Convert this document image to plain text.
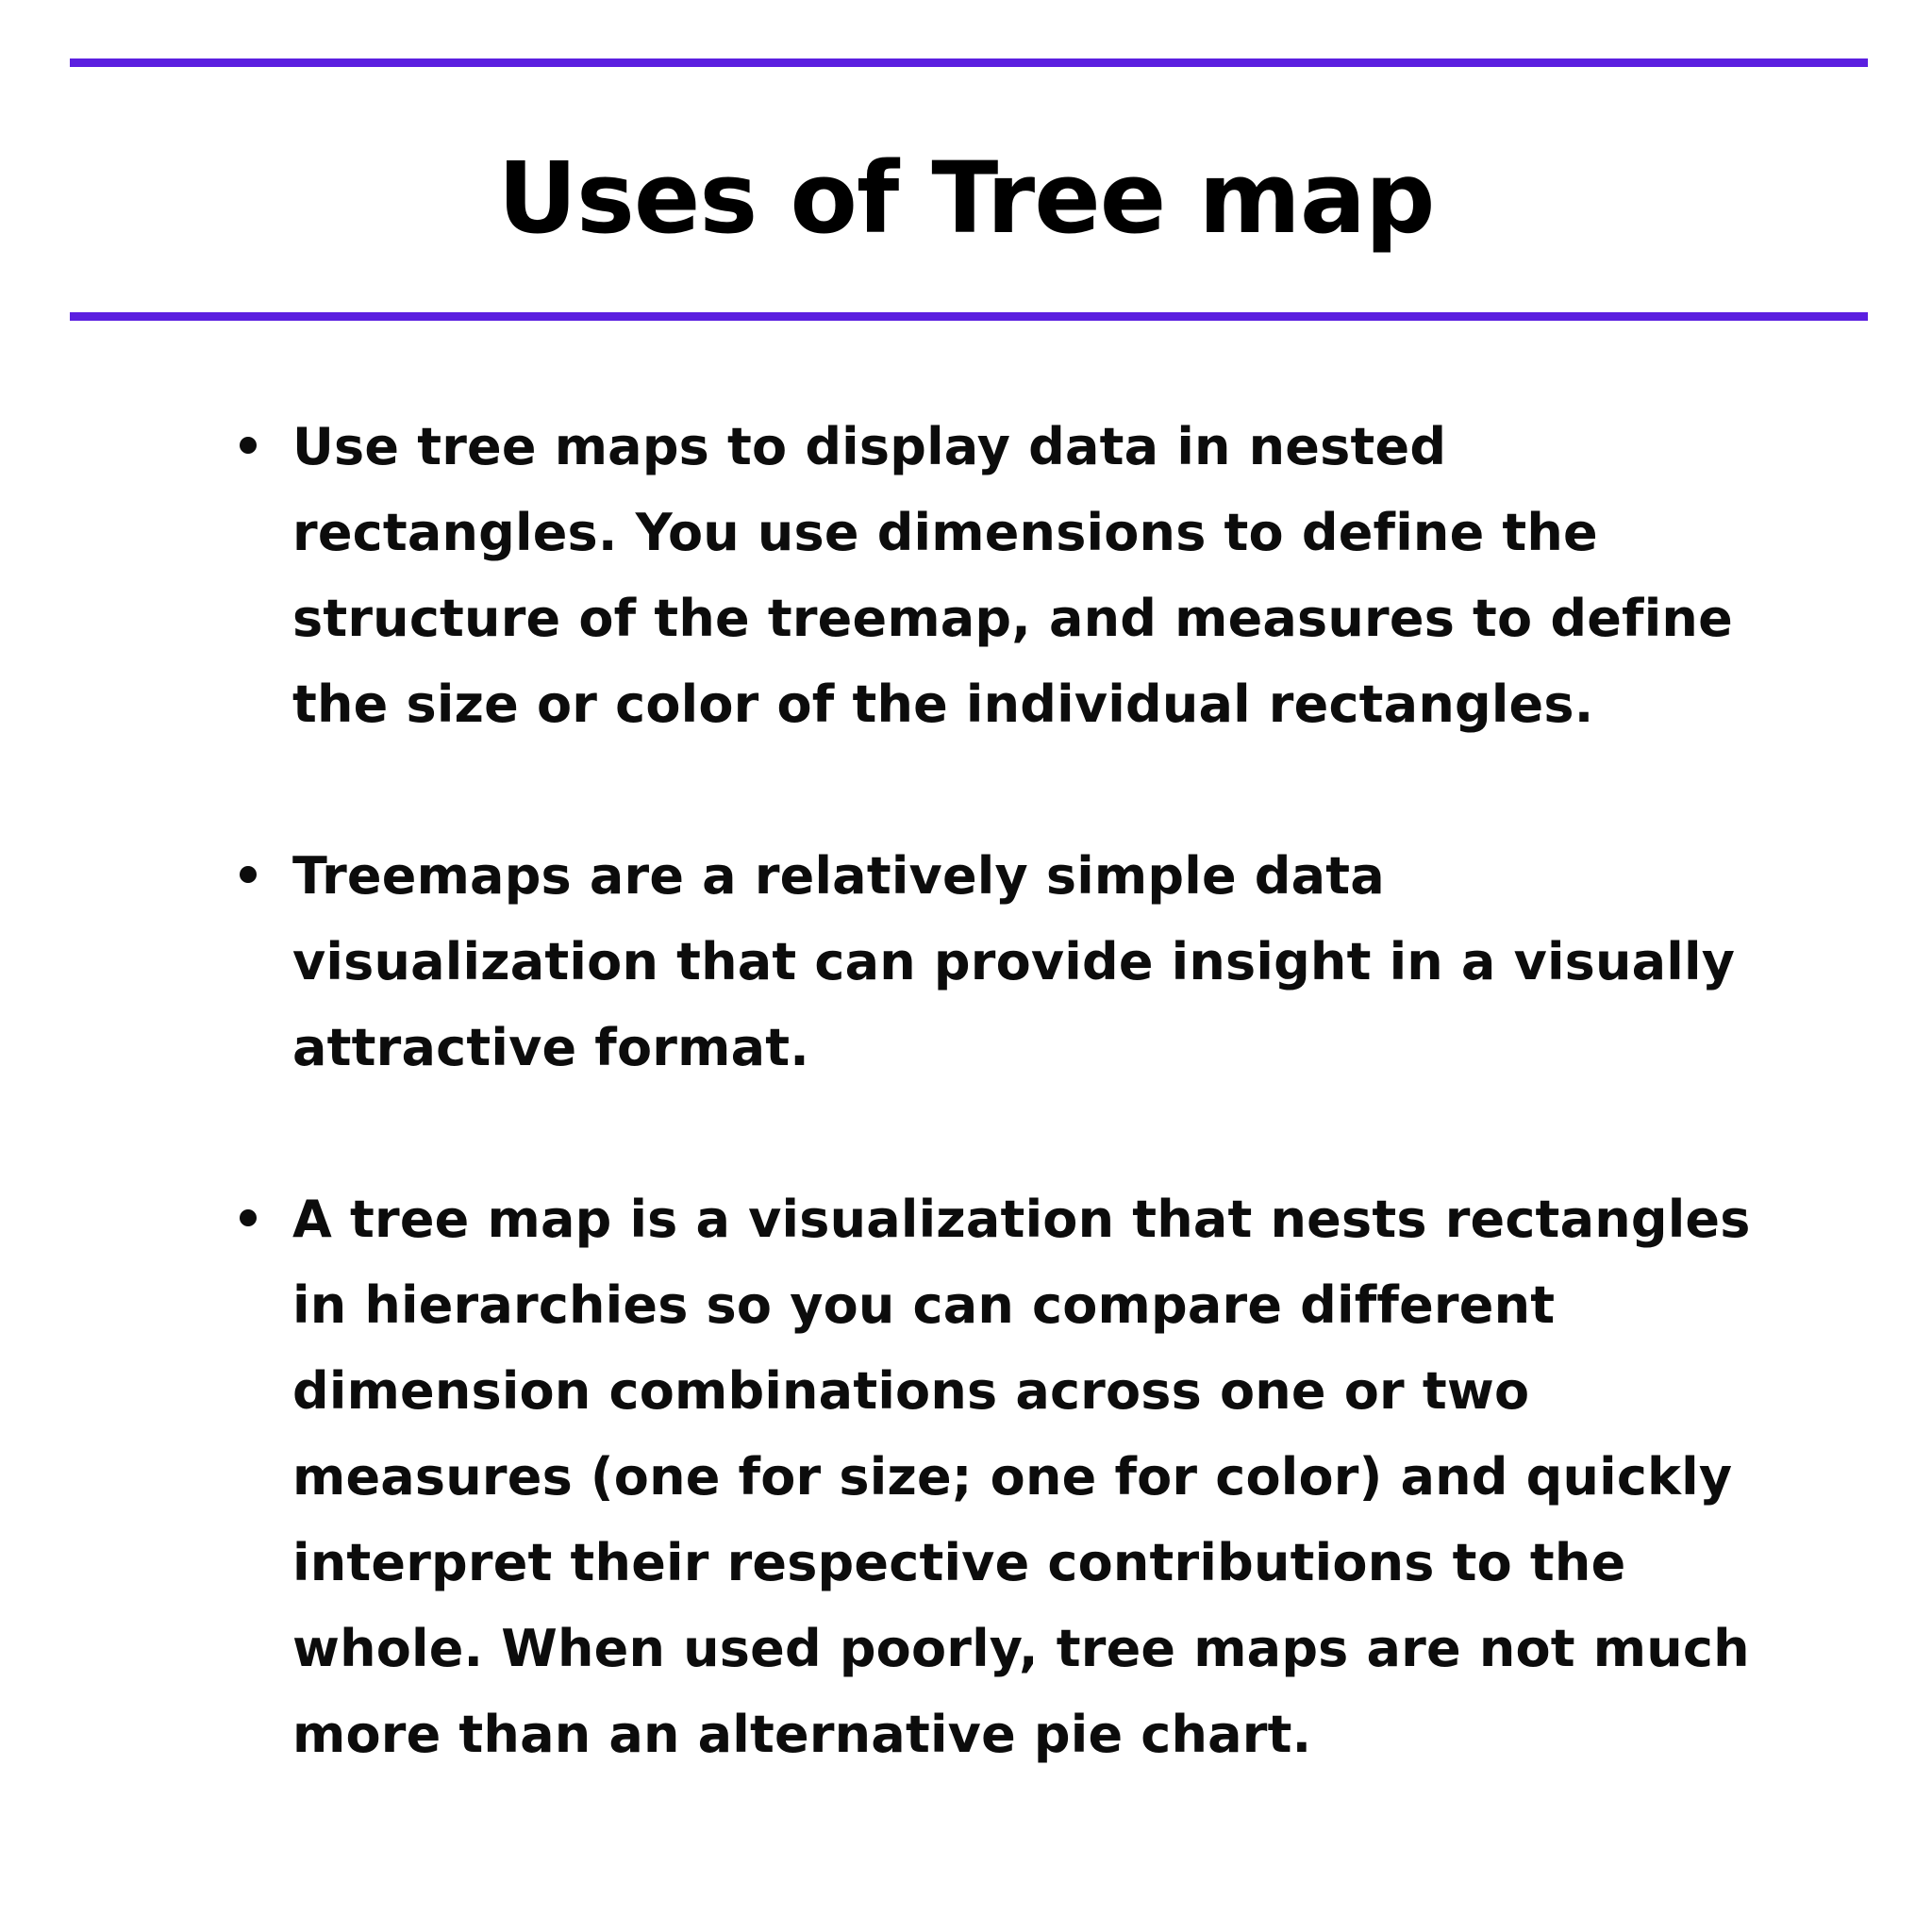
Uses of Tree map
Use tree maps to display data in nested
rectangles. You use dimensions to define the
structure of the treemap, and measures to define
the size or color of the individual rectangles.
Treemaps are a relatively simple data
visualization that can provide insight in a visually
attractive format.
A tree map is a visualization that nests rectangles
in hierarchies so you can compare different
dimension combinations across one or two
measures (one for size; one for color) and quickly
interpret their respective contributions to the
whole. When used poorly, tree maps are not much
more than an alternative pie chart.
